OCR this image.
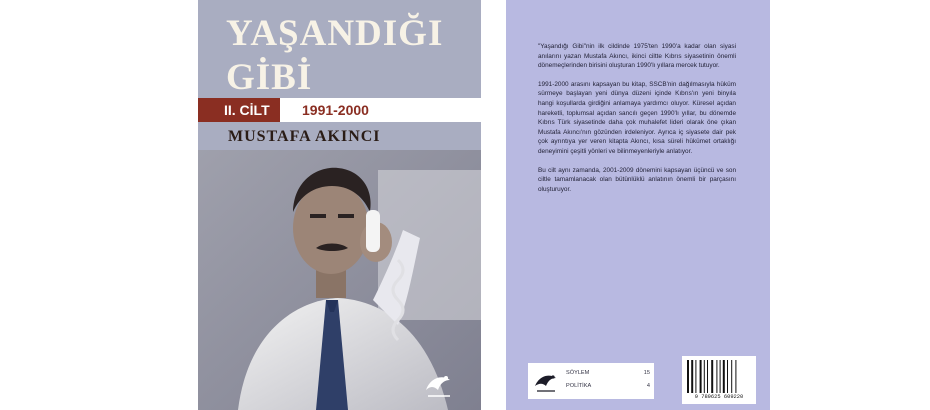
YAŞANDIĞI
GİBİ
II. CİLT	1991-2000
MUSTAFA AKINCI

"Yaşandığı Gibi"nin ilk cildinde 1975'ten 1990'a kadar olan siyasi anılarını yazan Mustafa Akıncı, ikinci ciltte Kıbrıs siyasetinin önemli dönemeçlerinden birisini oluşturan 1990'lı yıllara mercek tutuyor.

1991-2000 arasını kapsayan bu kitap, SSCB'nin dağılmasıyla hüküm sürmeye başlayan yeni dünya düzeni içinde Kıbrıs'ın yeni binyıla hangi koşullarda girdiğini anlamaya yardımcı oluyor. Küresel açıdan hareketli, toplumsal açıdan sancılı geçen 1990'lı yıllar, bu dönemde Kıbrıs Türk siyasetinde daha çok muhalefet lideri olarak öne çıkan Mustafa Akıncı'nın gözünden irdeleniyor. Ayrıca iç siyasete dair pek çok ayrıntıya yer veren kitapta Akıncı, kısa süreli hükümet ortaklığı deneyimini çeşitli yönleri ve bilinmeyenleriyle anlatıyor.

Bu cilt aynı zamanda, 2001-2009 dönemini kapsayan üçüncü ve son ciltle tamamlanacak olan bütünlüklü anlatının önemli bir parçasını oluşturuyor.

SÖYLEM	15
POLİTİKA	4
9 789625 609220
